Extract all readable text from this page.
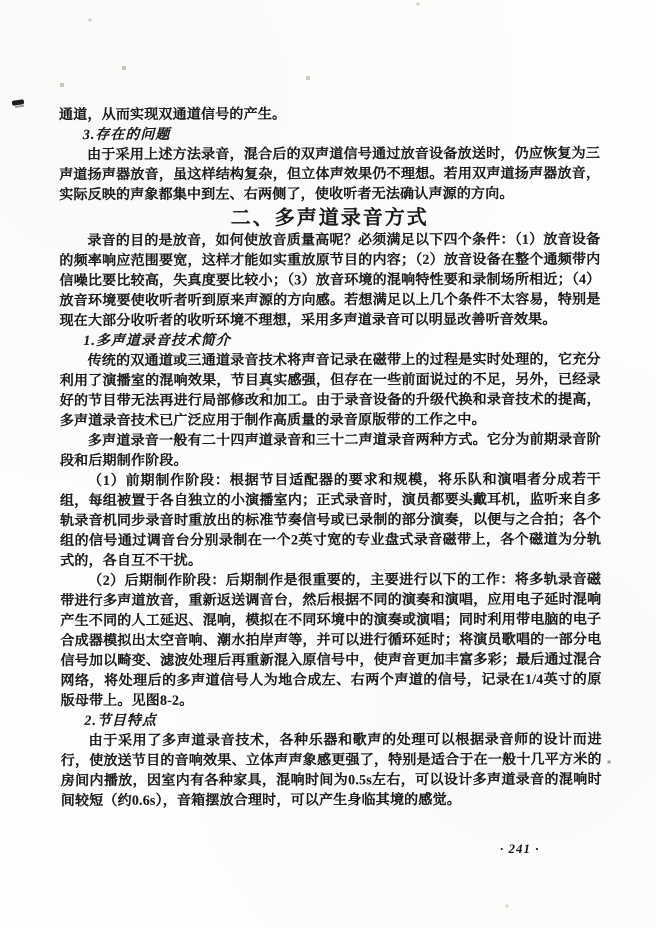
通道，从而实现双通道信号的产生。

3.存在的问题

由于采用上述方法录音，混合后的双声道信号通过放音设备放送时，仍应恢复为三声道扬声器放音，虽这样结构复杂，但立体声效果仍不理想。若用双声道扬声器放音，实际反映的声象都集中到左、右两侧了，使收听者无法确认声源的方向。

二、多声道录音方式

录音的目的是放音，如何使放音质量高呢？必须满足以下四个条件：（1）放音设备的频率响应范围要宽，这样才能如实重放原节目的内容；（2）放音设备在整个通频带内信噪比要比较高，失真度要比较小；（3）放音环境的混响特性要和录制场所相近；（4）放音环境要使收听者听到原来声源的方向感。若想满足以上几个条件不太容易，特别是现在大部分收听者的收听环境不理想，采用多声道录音可以明显改善听音效果。

1.多声道录音技术简介

传统的双通道或三通道录音技术将声音记录在磁带上的过程是实时处理的，它充分利用了演播室的混响效果，节目真实感强，但存在一些前面说过的不足，另外，已经录好的节目带无法再进行局部修改和加工。由于录音设备的升级代换和录音技术的提高，多声道录音技术已广泛应用于制作高质量的录音原版带的工作之中。

多声道录音一般有二十四声道录音和三十二声道录音两种方式。它分为前期录音阶段和后期制作阶段。

（1）前期制作阶段：根据节目适配器的要求和规模，将乐队和演唱者分成若干组，每组被置于各自独立的小演播室内；正式录音时，演员都要头戴耳机，监听来自多轨录音机同步录音时重放出的标准节奏信号或已录制的部分演奏，以便与之合拍；各个组的信号通过调音台分别录制在一个2英寸宽的专业盘式录音磁带上，各个磁道为分轨式的，各自互不干扰。

（2）后期制作阶段：后期制作是很重要的，主要进行以下的工作：将多轨录音磁带进行多声道放音，重新返送调音台，然后根据不同的演奏和演唱，应用电子延时混响产生不同的人工延迟、混响，模拟在不同环境中的演奏或演唱；同时利用带电脑的电子合成器模拟出太空音响、潮水拍岸声等，并可以进行循环延时；将演员歌唱的一部分电信号加以畸变、滤波处理后再重新混入原信号中，使声音更加丰富多彩；最后通过混合网络，将处理后的多声道信号人为地合成左、右两个声道的信号，记录在1/4英寸的原版母带上。见图8-2。

2.节目特点

由于采用了多声道录音技术，各种乐器和歌声的处理可以根据录音师的设计而进行，使放送节目的音响效果、立体声声象感更强了，特别是适合于在一般十几平方米的房间内播放，因室内有各种家具，混响时间为0.5s左右，可以设计多声道录音的混响时间较短（约0.6s），音箱摆放合理时，可以产生身临其境的感觉。

· 241 ·
